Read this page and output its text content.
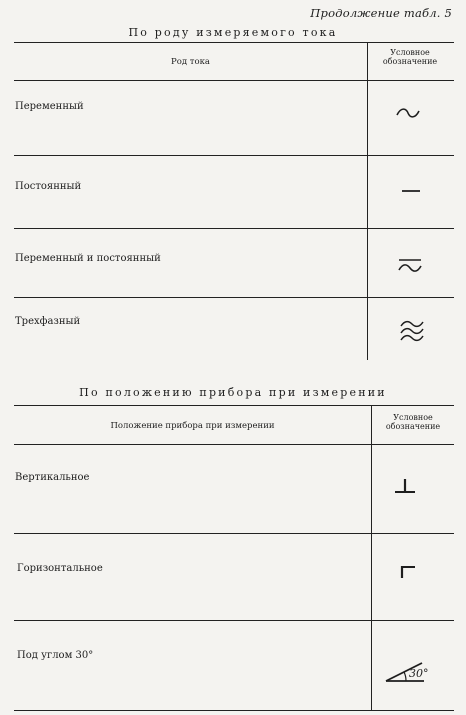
Продолжение табл. 5
По роду измеряемого тока
Род тока
Условное
обозначение
Переменный
Постоянный
Переменный и постоянный
Трехфазный
По положению прибора при измерении
Положение прибора при измерении
Условное
обозначение
Вертикальное
Горизонтальное
Под углом 30°
30°
